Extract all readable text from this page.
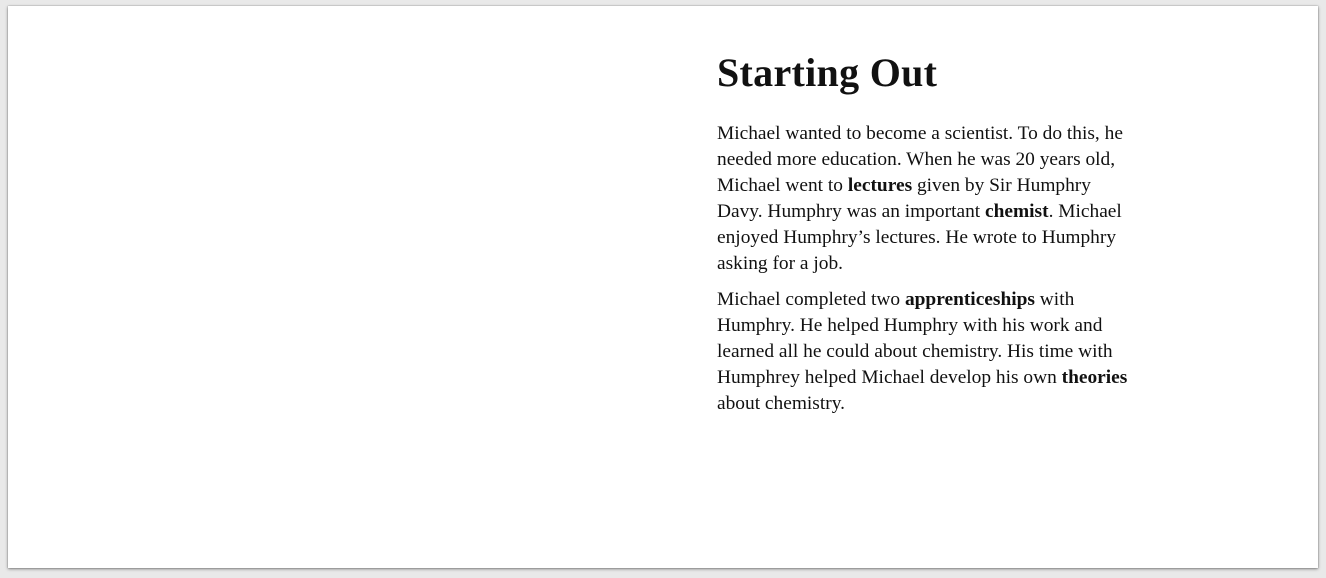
Starting Out

Michael wanted to become a scientist. To do this, he needed more education. When he was 20 years old, Michael went to lectures given by Sir Humphry Davy. Humphry was an important chemist. Michael enjoyed Humphry’s lectures. He wrote to Humphry asking for a job.

Michael completed two apprenticeships with Humphry. He helped Humphry with his work and learned all he could about chemistry. His time with Humphrey helped Michael develop his own theories about chemistry.
